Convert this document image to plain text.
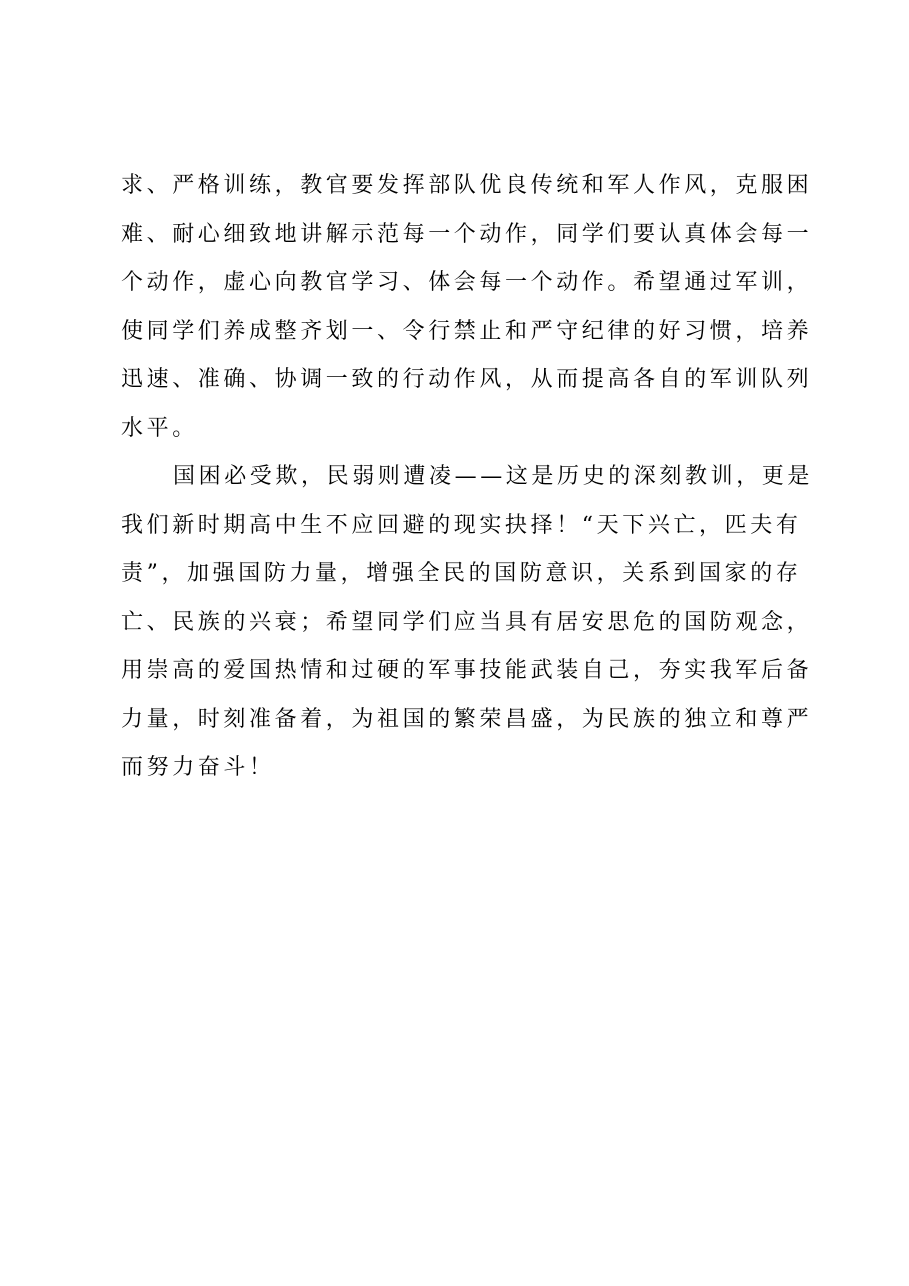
求、严格训练，教官要发挥部队优良传统和军人作风，克服困
难、耐心细致地讲解示范每一个动作，同学们要认真体会每一
个动作，虚心向教官学习、体会每一个动作。希望通过军训，
使同学们养成整齐划一、令行禁止和严守纪律的好习惯，培养
迅速、准确、协调一致的行动作风，从而提高各自的军训队列
水平。
国困必受欺，民弱则遭凌——这是历史的深刻教训，更是
我们新时期高中生不应回避的现实抉择！“天下兴亡，匹夫有
责”，加强国防力量，增强全民的国防意识，关系到国家的存
亡、民族的兴衰；希望同学们应当具有居安思危的国防观念，
用崇高的爱国热情和过硬的军事技能武装自己，夯实我军后备
力量，时刻准备着，为祖国的繁荣昌盛，为民族的独立和尊严
而努力奋斗！
